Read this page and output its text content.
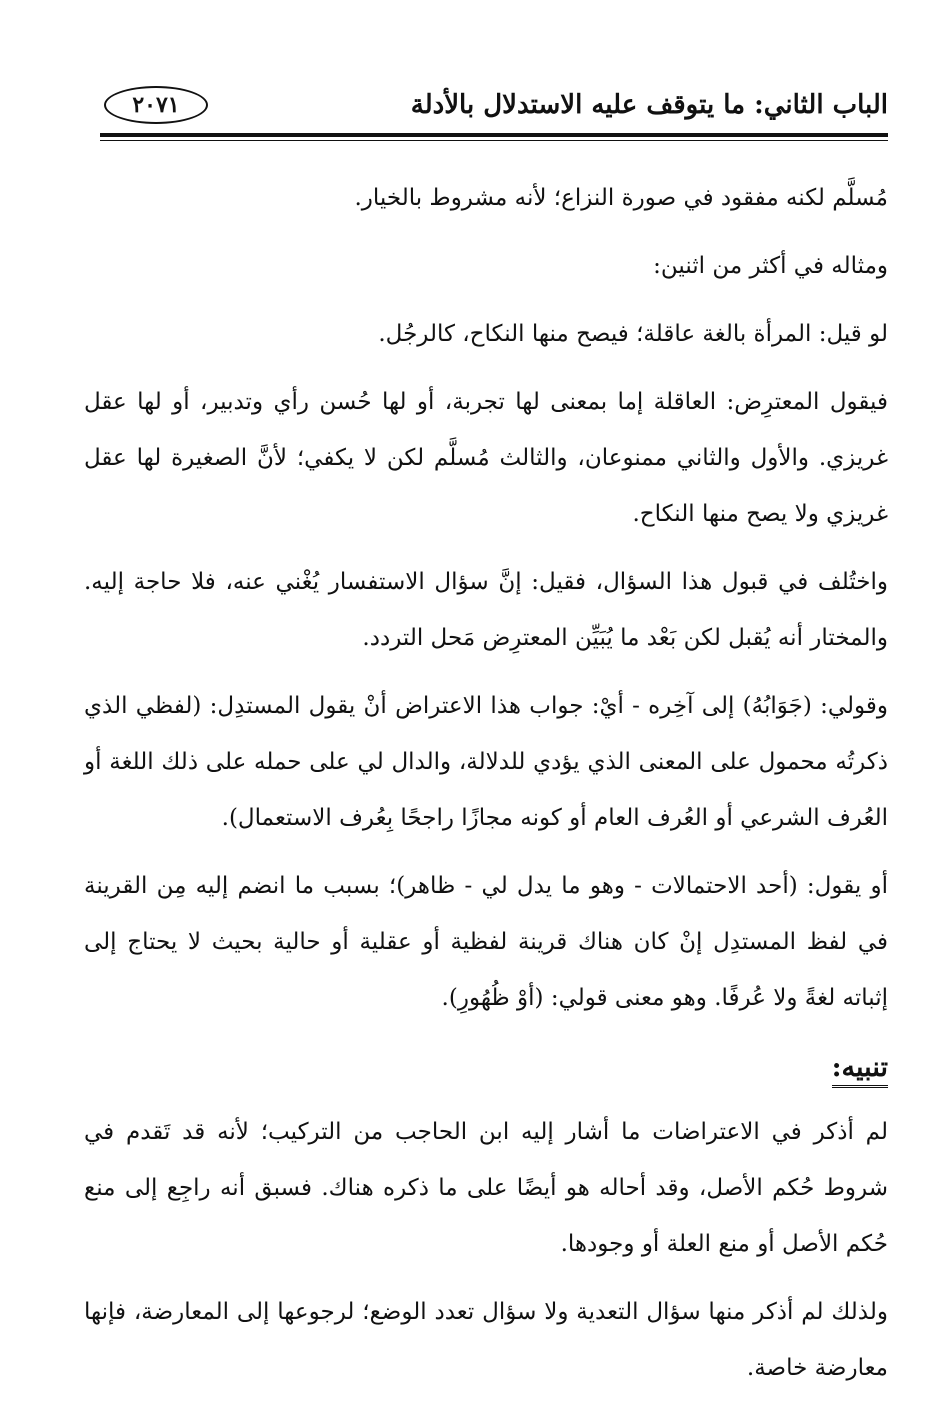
الباب الثاني: ما يتوقف عليه الاستدلال بالأدلة
٢٠٧١

مُسلَّم لكنه مفقود في صورة النزاع؛ لأنه مشروط بالخيار.

ومثاله في أكثر من اثنين:

لو قيل: المرأة بالغة عاقلة؛ فيصح منها النكاح، كالرجُل.

فيقول المعترِض: العاقلة إما بمعنى لها تجربة، أو لها حُسن رأي وتدبير، أو لها عقل غريزي. والأول والثاني ممنوعان، والثالث مُسلَّم لكن لا يكفي؛ لأنَّ الصغيرة لها عقل غريزي ولا يصح منها النكاح.

واختُلف في قبول هذا السؤال، فقيل: إنَّ سؤال الاستفسار يُغْني عنه، فلا حاجة إليه. والمختار أنه يُقبل لكن بَعْد ما يُبَيِّن المعترِض مَحل التردد.

وقولي: (جَوَابُهُ) إلى آخِره - أيْ: جواب هذا الاعتراض أنْ يقول المستدِل: (لفظي الذي ذكرتُه محمول على المعنى الذي يؤدي للدلالة، والدال لي على حمله على ذلك اللغة أو العُرف الشرعي أو العُرف العام أو كونه مجازًا راجحًا بِعُرف الاستعمال).

أو يقول: (أحد الاحتمالات - وهو ما يدل لي - ظاهر)؛ بسبب ما انضم إليه مِن القرينة في لفظ المستدِل إنْ كان هناك قرينة لفظية أو عقلية أو حالية بحيث لا يحتاج إلى إثباته لغةً ولا عُرفًا. وهو معنى قولي: (أوْ ظُهُورِ).

تنبيه:

لم أذكر في الاعتراضات ما أشار إليه ابن الحاجب من التركيب؛ لأنه قد تَقدم في شروط حُكم الأصل، وقد أحاله هو أيضًا على ما ذكره هناك. فسبق أنه راجِع إلى منع حُكم الأصل أو منع العلة أو وجودها.

ولذلك لم أذكر منها سؤال التعدية ولا سؤال تعدد الوضع؛ لرجوعها إلى المعارضة، فإنها معارضة خاصة.
